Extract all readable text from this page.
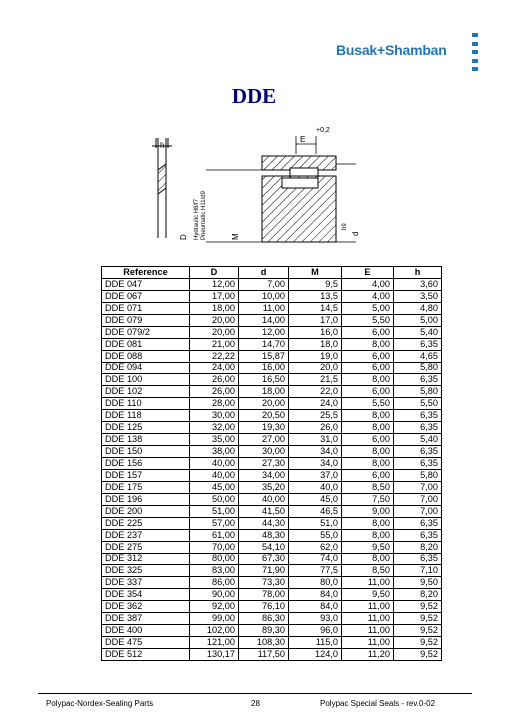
Busak+Shamban
DDE
h
D Hydraulic H8/f7 Pneumatic H11/d9	M
E
+0,2
h9
d
Reference	D	d	M	E	h
DDE 047	12,00	7,00	9,5	4,00	3,60
DDE 067	17,00	10,00	13,5	4,00	3,50
DDE 071	18,00	11,00	14,5	5,00	4,80
DDE 079	20,00	14,00	17,0	5,50	5,00
DDE 079/2	20,00	12,00	16,0	6,00	5,40
DDE 081	21,00	14,70	18,0	8,00	6,35
DDE 088	22,22	15,87	19,0	6,00	4,65
DDE 094	24,00	16,00	20,0	6,00	5,80
DDE 100	26,00	16,50	21,5	8,00	6,35
DDE 102	26,00	18,00	22,0	6,00	5,80
DDE 110	28,00	20,00	24,0	5,50	5,50
DDE 118	30,00	20,50	25,5	8,00	6,35
DDE 125	32,00	19,30	26,0	8,00	6,35
DDE 138	35,00	27,00	31,0	6,00	5,40
DDE 150	38,00	30,00	34,0	8,00	6,35
DDE 156	40,00	27,30	34,0	8,00	6,35
DDE 157	40,00	34,00	37,0	6,00	5,80
DDE 175	45,00	35,20	40,0	8,50	7,00
DDE 196	50,00	40,00	45,0	7,50	7,00
DDE 200	51,00	41,50	46,5	9,00	7,00
DDE 225	57,00	44,30	51,0	8,00	6,35
DDE 237	61,00	48,30	55,0	8,00	6,35
DDE 275	70,00	54,10	62,0	9,50	8,20
DDE 312	80,00	67,30	74,0	8,00	6,35
DDE 325	83,00	71,90	77,5	8,50	7,10
DDE 337	86,00	73,30	80,0	11,00	9,50
DDE 354	90,00	78,00	84,0	9,50	8,20
DDE 362	92,00	76,10	84,0	11,00	9,52
DDE 387	99,00	86,30	93,0	11,00	9,52
DDE 400	102,00	89,30	96,0	11,00	9,52
DDE 475	121,00	108,30	115,0	11,00	9,52
DDE 512	130,17	117,50	124,0	11,20	9,52
Polypac-Nordex-Sealing Parts	28	Polypac Special Seals - rev.0-02
